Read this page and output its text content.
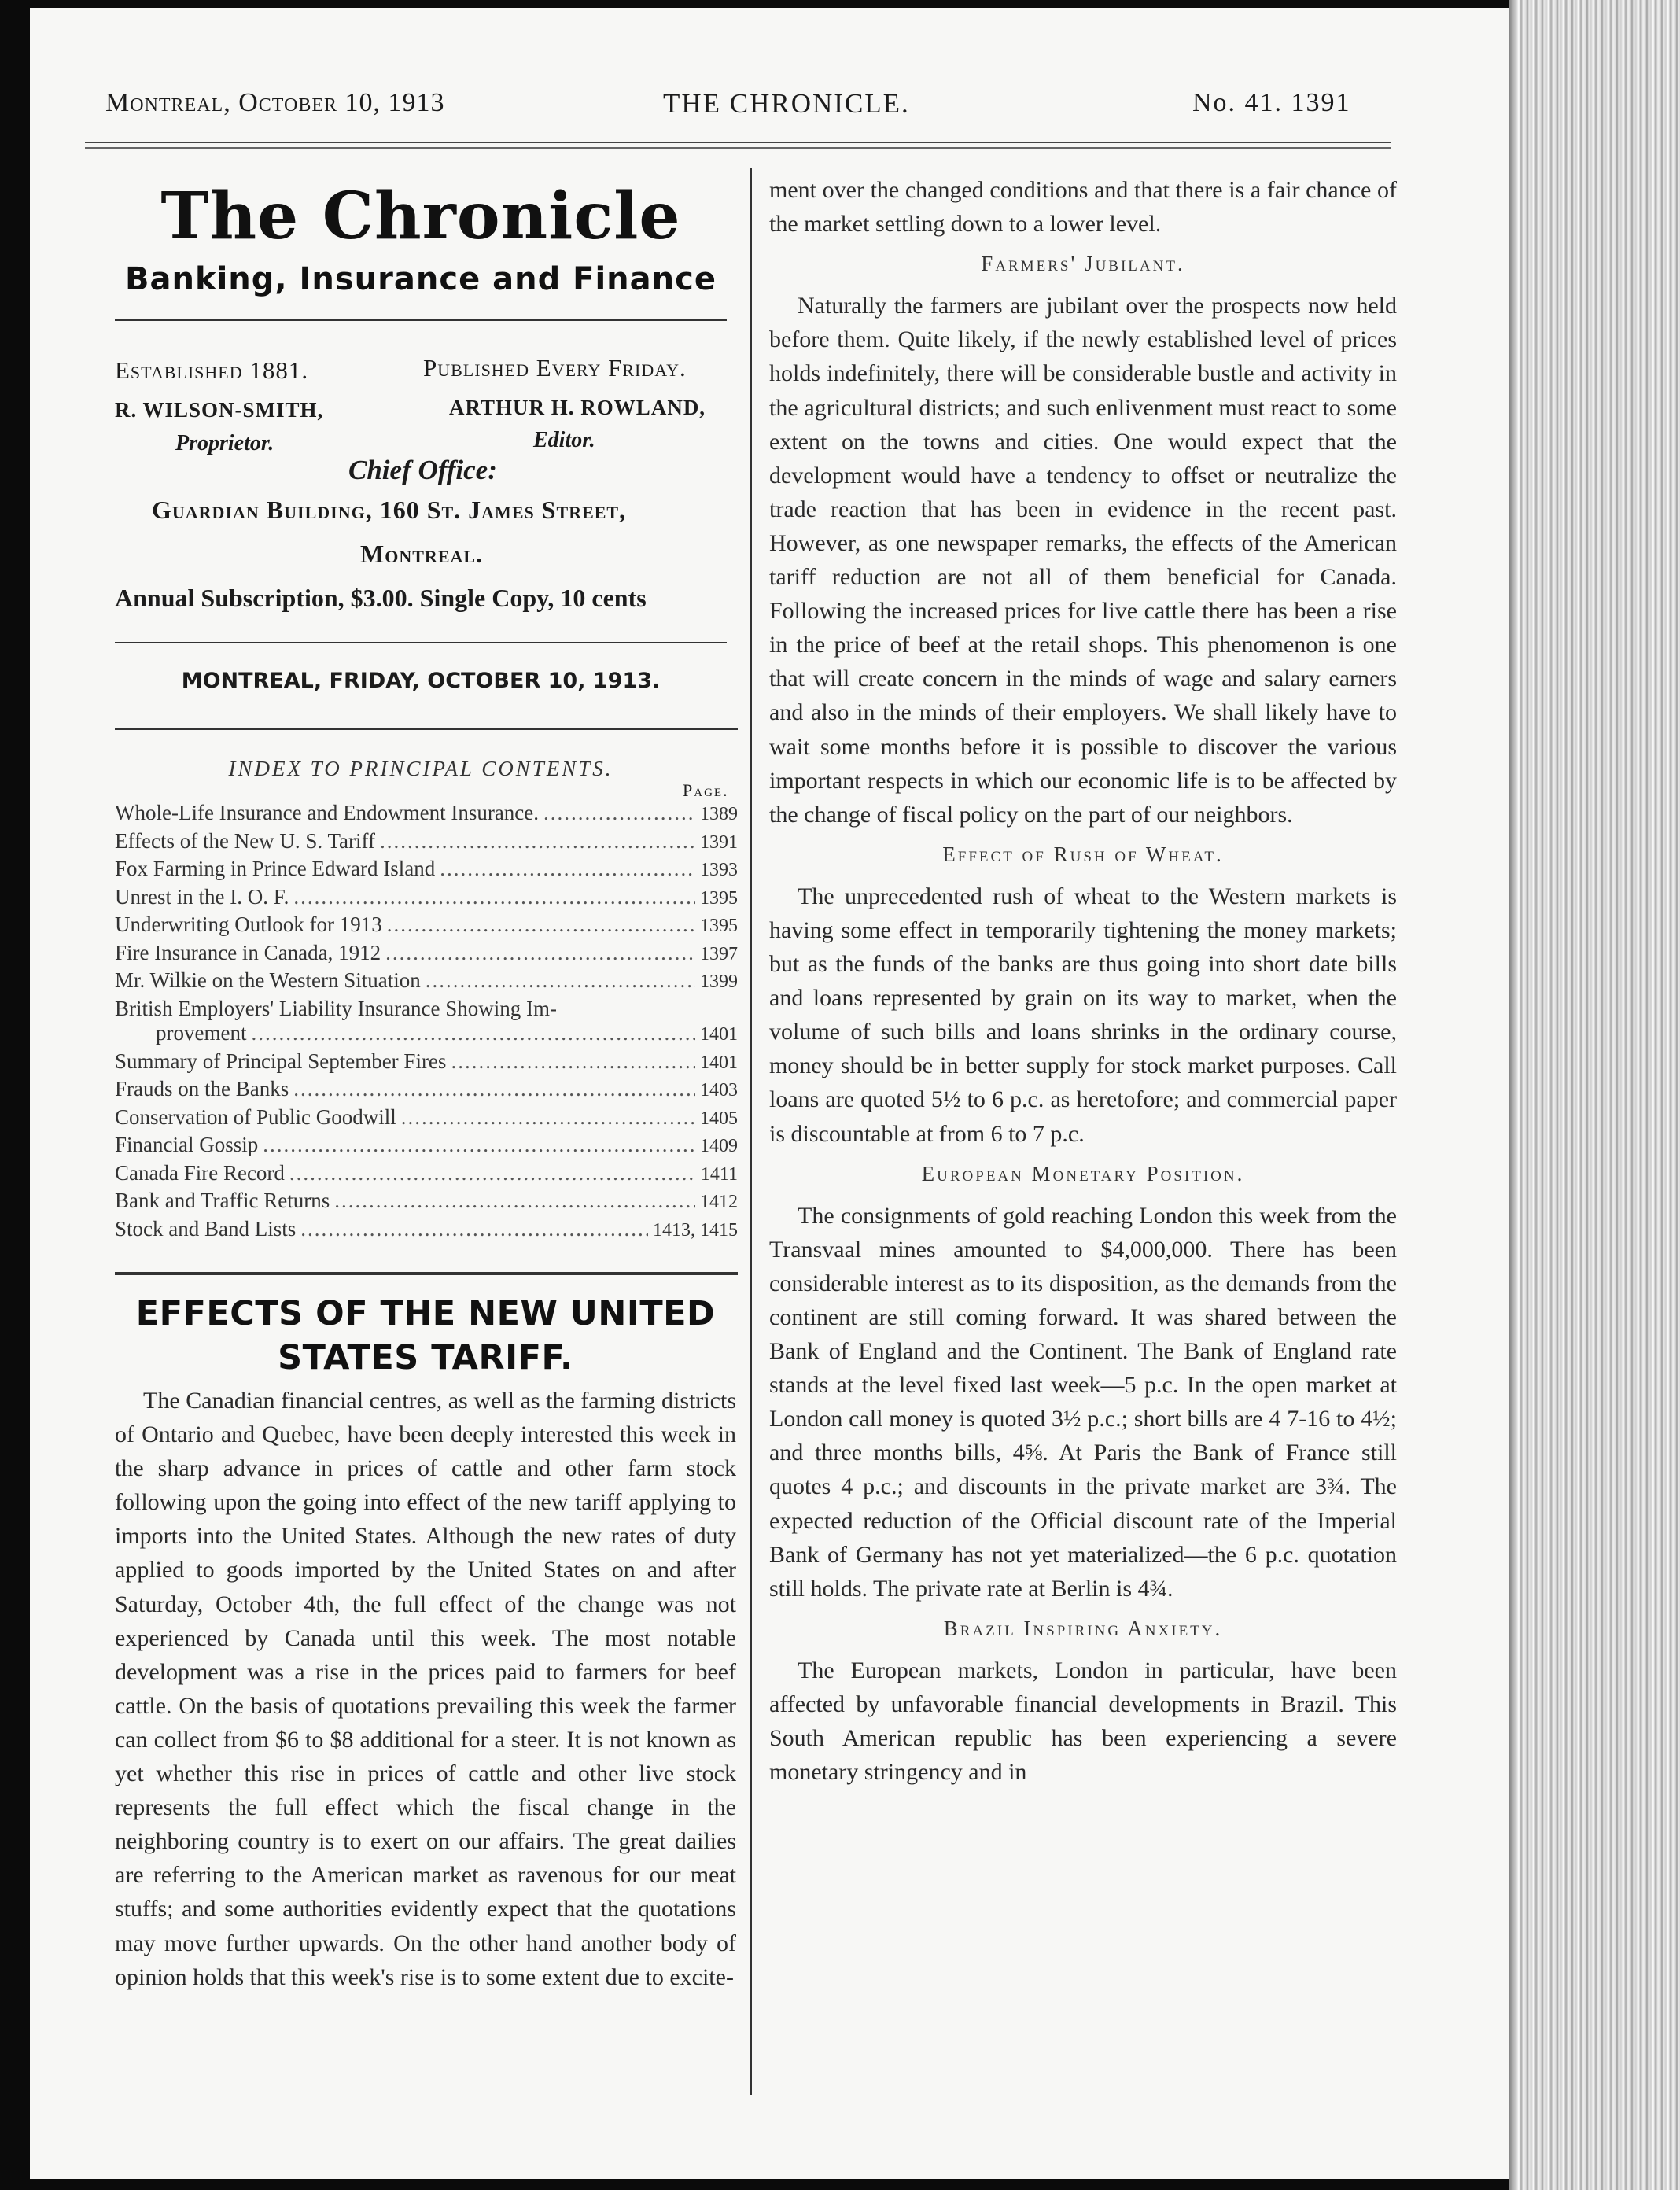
Montreal, October 10, 1913	THE CHRONICLE.	No. 41. 1391
The Chronicle
Banking, Insurance and Finance
Established 1881.	Published Every Friday.
R. WILSON-SMITH,	ARTHUR H. ROWLAND,
Proprietor.	Editor.
Chief Office:
Guardian Building, 160 St. James Street,
Montreal.
Annual Subscription, $3.00. Single Copy, 10 cents
MONTREAL, FRIDAY, OCTOBER 10, 1913.
INDEX TO PRINCIPAL CONTENTS.
Page.
Whole-Life Insurance and Endowment Insurance. .....	1389
Effects of the New U. S. Tariff .....	1391
Fox Farming in Prince Edward Island .....	1393
Unrest in the I. O. F. .....	1395
Underwriting Outlook for 1913 .....	1395
Fire Insurance in Canada, 1912 .....	1397
Mr. Wilkie on the Western Situation .....	1399
British Employers' Liability Insurance Showing Im-
provement .....	1401
Summary of Principal September Fires .....	1401
Frauds on the Banks .....	1403
Conservation of Public Goodwill .....	1405
Financial Gossip .....	1409
Canada Fire Record .....	1411
Bank and Traffic Returns .....	1412
Stock and Band Lists .....	1413, 1415
EFFECTS OF THE NEW UNITED
STATES TARIFF.

The Canadian financial centres, as well as the farming districts of Ontario and Quebec, have been deeply interested this week in the sharp advance in prices of cattle and other farm stock following upon the going into effect of the new tariff applying to imports into the United States. Although the new rates of duty applied to goods imported by the United States on and after Saturday, October 4th, the full effect of the change was not experienced by Canada until this week. The most notable development was a rise in the prices paid to farmers for beef cattle. On the basis of quotations prevailing this week the farmer can collect from $6 to $8 additional for a steer. It is not known as yet whether this rise in prices of cattle and other live stock represents the full effect which the fiscal change in the neighboring country is to exert on our affairs. The great dailies are referring to the American market as ravenous for our meat stuffs; and some authorities evidently expect that the quotations may move further upwards. On the other hand another body of opinion holds that this week's rise is to some extent due to excite-

ment over the changed conditions and that there is a fair chance of the market settling down to a lower level.

Farmers' Jubilant.

Naturally the farmers are jubilant over the prospects now held before them. Quite likely, if the newly established level of prices holds indefinitely, there will be considerable bustle and activity in the agricultural districts; and such enlivenment must react to some extent on the towns and cities. One would expect that the development would have a tendency to offset or neutralize the trade reaction that has been in evidence in the recent past. However, as one newspaper remarks, the effects of the American tariff reduction are not all of them beneficial for Canada. Following the increased prices for live cattle there has been a rise in the price of beef at the retail shops. This phenomenon is one that will create concern in the minds of wage and salary earners and also in the minds of their employers. We shall likely have to wait some months before it is possible to discover the various important respects in which our economic life is to be affected by the change of fiscal policy on the part of our neighbors.

Effect of Rush of Wheat.

The unprecedented rush of wheat to the Western markets is having some effect in temporarily tightening the money markets; but as the funds of the banks are thus going into short date bills and loans represented by grain on its way to market, when the volume of such bills and loans shrinks in the ordinary course, money should be in better supply for stock market purposes. Call loans are quoted 5½ to 6 p.c. as heretofore; and commercial paper is discountable at from 6 to 7 p.c.

European Monetary Position.

The consignments of gold reaching London this week from the Transvaal mines amounted to $4,000,000. There has been considerable interest as to its disposition, as the demands from the continent are still coming forward. It was shared between the Bank of England and the Continent. The Bank of England rate stands at the level fixed last week—5 p.c. In the open market at London call money is quoted 3½ p.c.; short bills are 4 7-16 to 4½; and three months bills, 4⅝. At Paris the Bank of France still quotes 4 p.c.; and discounts in the private market are 3¾. The expected reduction of the Official discount rate of the Imperial Bank of Germany has not yet materialized—the 6 p.c. quotation still holds. The private rate at Berlin is 4¾.

Brazil Inspiring Anxiety.

The European markets, London in particular, have been affected by unfavorable financial developments in Brazil. This South American republic has been experiencing a severe monetary stringency and in
